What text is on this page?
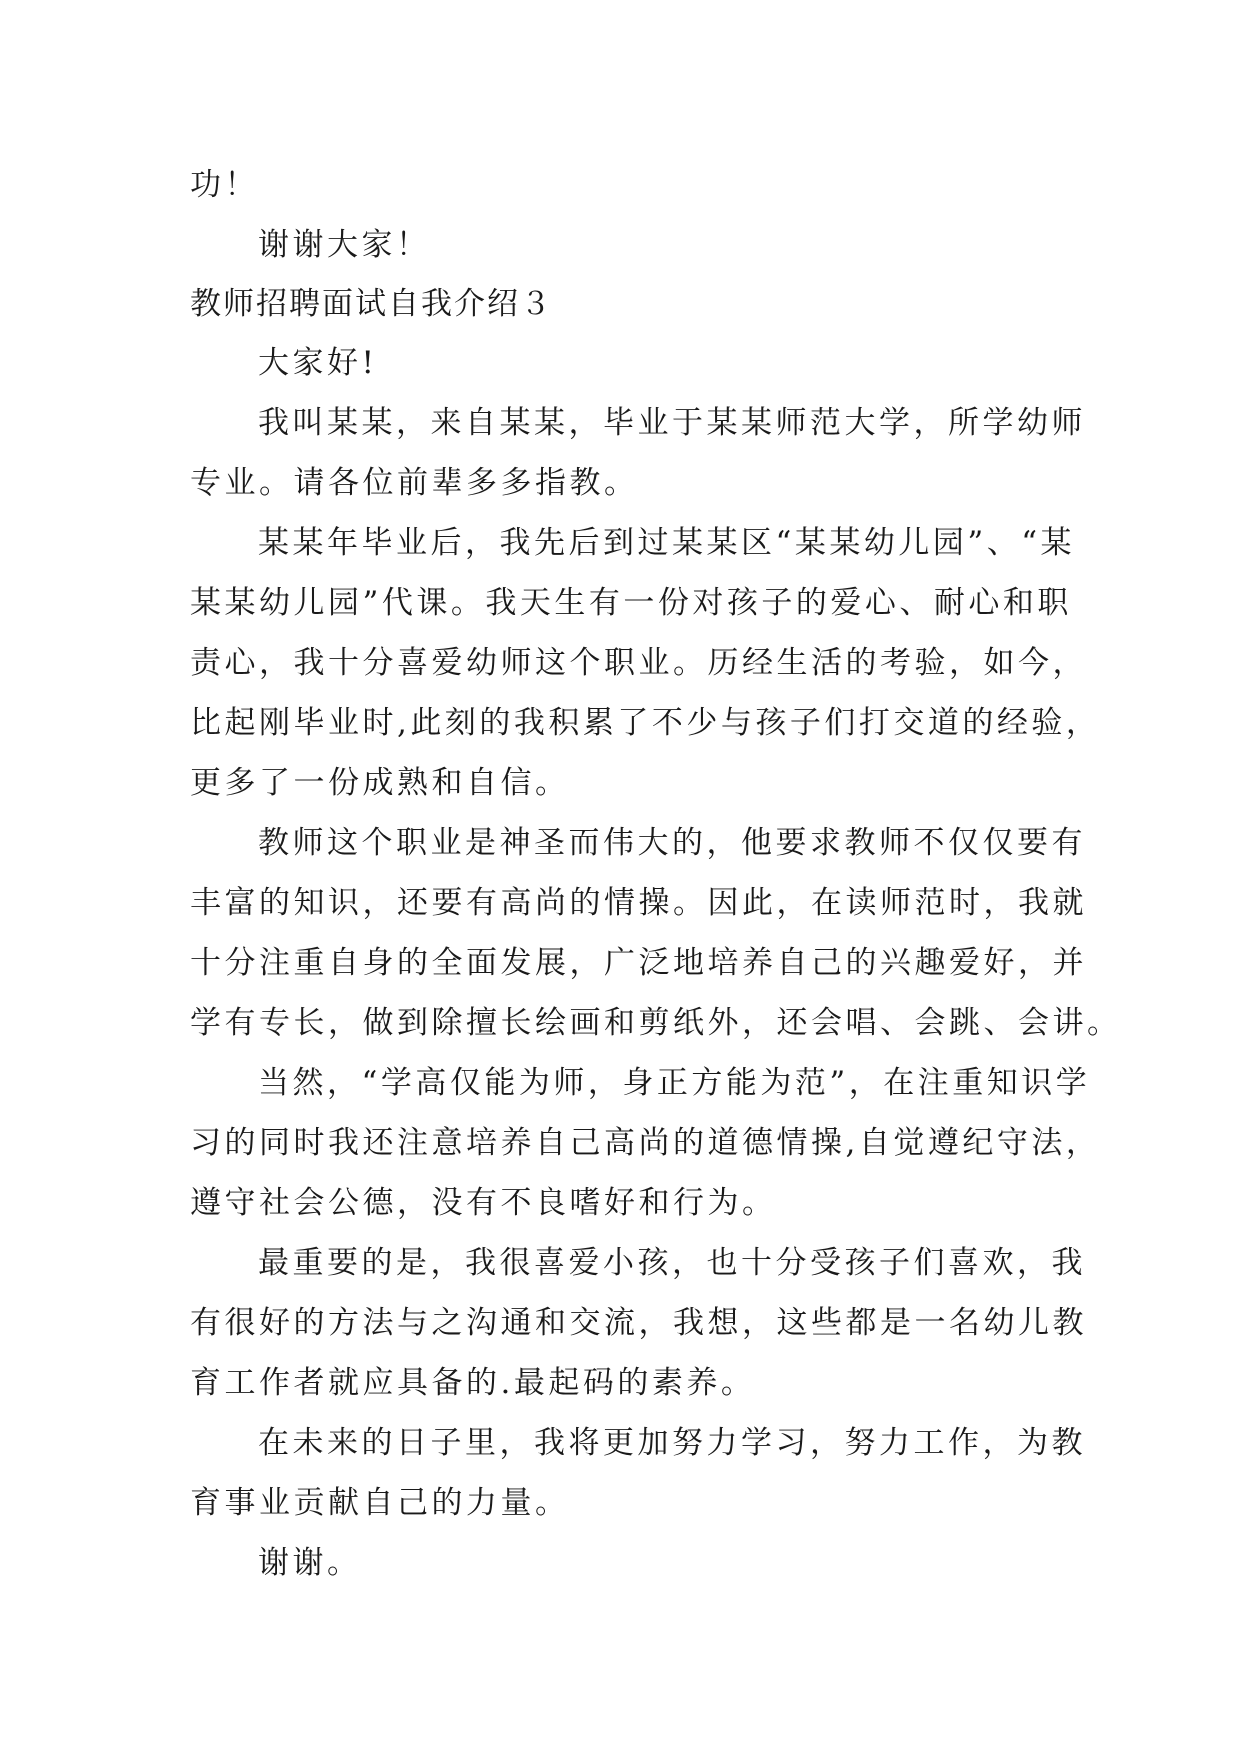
功！
谢谢大家！
教师招聘面试自我介绍３
大家好!
我叫某某，来自某某，毕业于某某师范大学，所学幼师
专业。请各位前辈多多指教。
某某年毕业后，我先后到过某某区“某某幼儿园”、“某
某某幼儿园”代课。我天生有一份对孩子的爱心、耐心和职
责心，我十分喜爱幼师这个职业。历经生活的考验，如今，
比起刚毕业时,此刻的我积累了不少与孩子们打交道的经验，
更多了一份成熟和自信。
教师这个职业是神圣而伟大的，他要求教师不仅仅要有
丰富的知识，还要有高尚的情操。因此，在读师范时，我就
十分注重自身的全面发展，广泛地培养自己的兴趣爱好，并
学有专长，做到除擅长绘画和剪纸外，还会唱、会跳、会讲。
当然，“学高仅能为师，身正方能为范”，在注重知识学
习的同时我还注意培养自己高尚的道德情操,自觉遵纪守法，
遵守社会公德，没有不良嗜好和行为。
最重要的是，我很喜爱小孩，也十分受孩子们喜欢，我
有很好的方法与之沟通和交流，我想，这些都是一名幼儿教
育工作者就应具备的.最起码的素养。
在未来的日子里，我将更加努力学习，努力工作，为教
育事业贡献自己的力量。
谢谢。
